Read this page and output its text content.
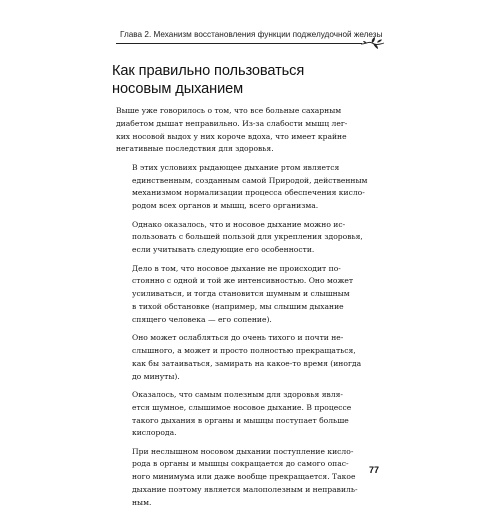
Глава 2. Механизм восстановления функции поджелудочной железы
Как правильно пользоваться
носовым дыханием

Выше уже говорилось о том, что все больные сахарным
диабетом дышат неправильно. Из-за слабости мышц лег-
ких носовой выдох у них короче вдоха, что имеет крайне
негативные последствия для здоровья.

В этих условиях рыдающее дыхание ртом является
единственным, созданным самой Природой, действенным
механизмом нормализации процесса обеспечения кисло-
родом всех органов и мышц, всего организма.

Однако оказалось, что и носовое дыхание можно ис-
пользовать с большей пользой для укрепления здоровья,
если учитывать следующие его особенности.

Дело в том, что носовое дыхание не происходит по-
стоянно с одной и той же интенсивностью. Оно может
усиливаться, и тогда становится шумным и слышным
в тихой обстановке (например, мы слышим дыхание
спящего человека — его сопение).

Оно может ослабляться до очень тихого и почти не-
слышного, а может и просто полностью прекращаться,
как бы затаиваться, замирать на какое-то время (иногда
до минуты).

Оказалось, что самым полезным для здоровья явля-
ется шумное, слышимое носовое дыхание. В процессе
такого дыхания в органы и мышцы поступает больше
кислорода.

При неслышном носовом дыхании поступление кисло-
рода в органы и мышцы сокращается до самого опас-
ного минимума или даже вообще прекращается. Такое
дыхание поэтому является малополезным и неправиль-
ным.

77
